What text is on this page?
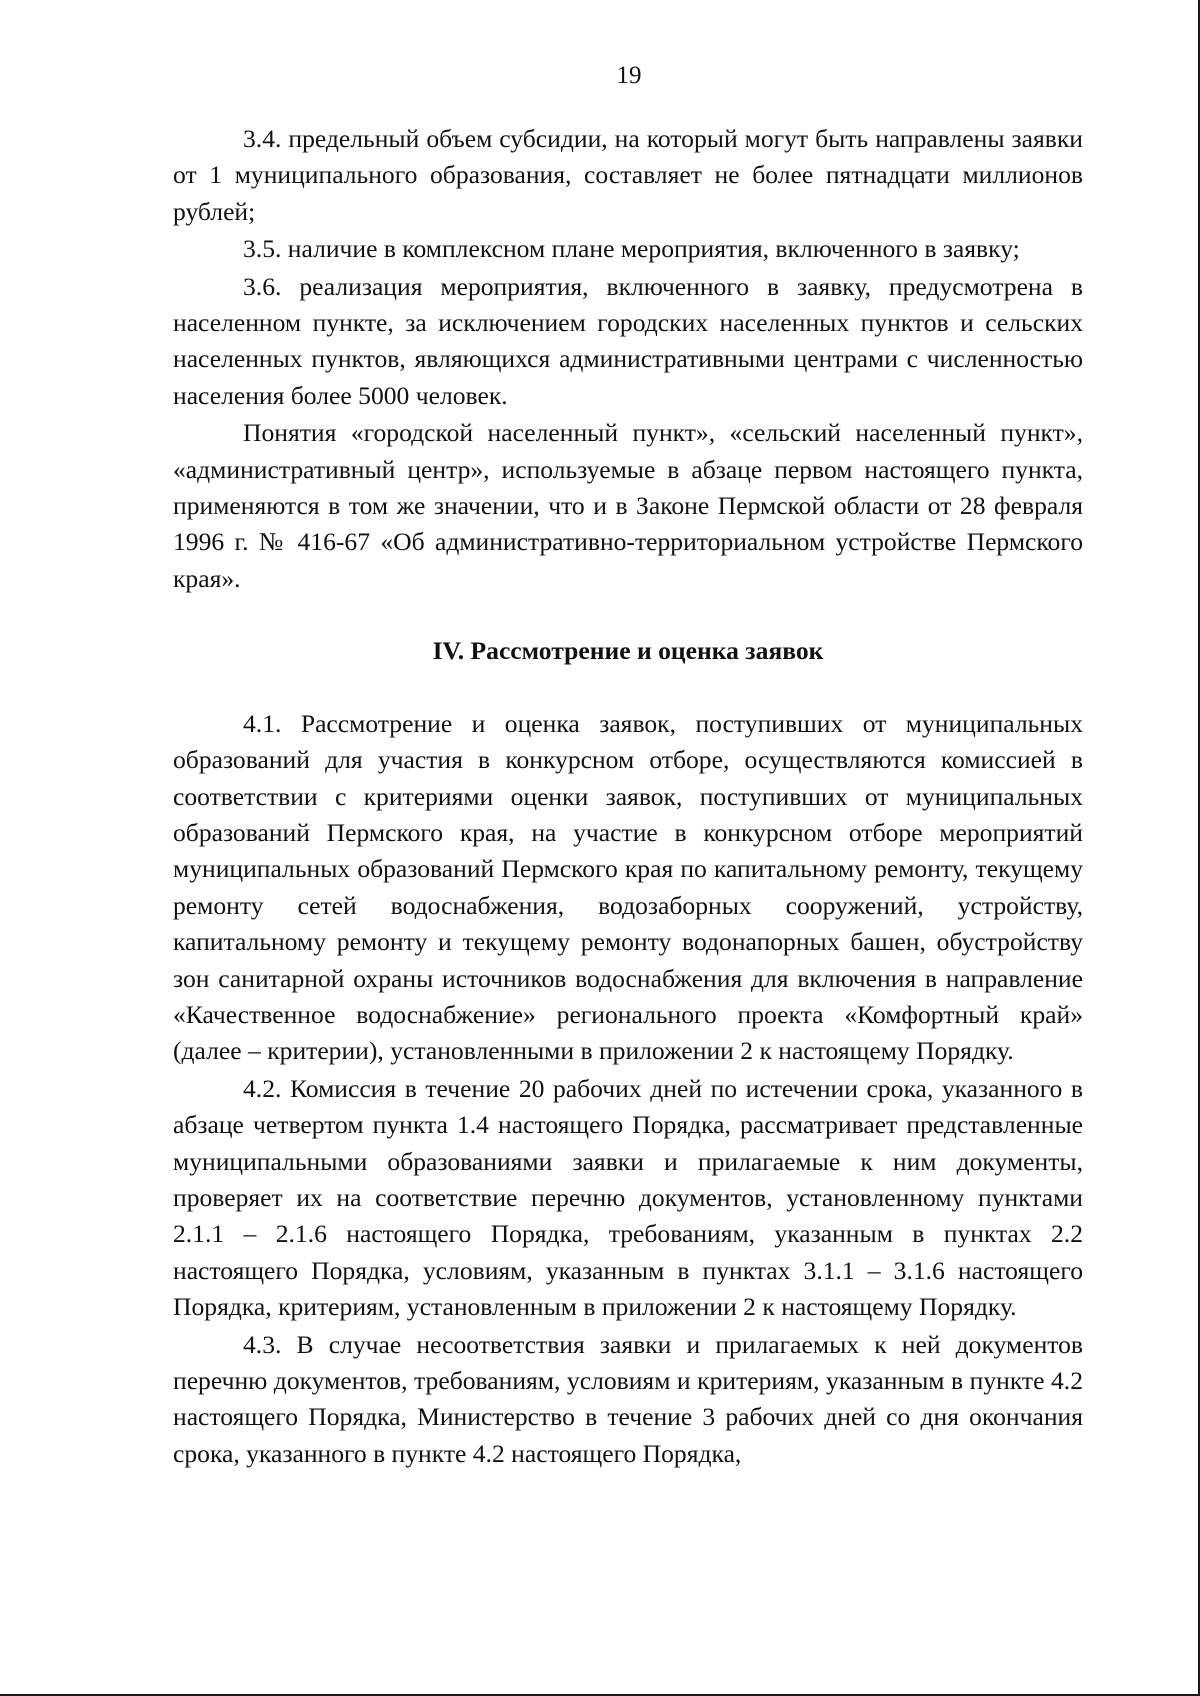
19

3.4. предельный объем субсидии, на который могут быть направлены заявки от 1 муниципального образования, составляет не более пятнадцати миллионов рублей;

3.5. наличие в комплексном плане мероприятия, включенного в заявку;

3.6. реализация мероприятия, включенного в заявку, предусмотрена в населенном пункте, за исключением городских населенных пунктов и сельских населенных пунктов, являющихся административными центрами с численностью населения более 5000 человек.

Понятия «городской населенный пункт», «сельский населенный пункт», «административный центр», используемые в абзаце первом настоящего пункта, применяются в том же значении, что и в Законе Пермской области от 28 февраля 1996 г. № 416-67 «Об административно-территориальном устройстве Пермского края».

IV. Рассмотрение и оценка заявок

4.1. Рассмотрение и оценка заявок, поступивших от муниципальных образований для участия в конкурсном отборе, осуществляются комиссией в соответствии с критериями оценки заявок, поступивших от муниципальных образований Пермского края, на участие в конкурсном отборе мероприятий муниципальных образований Пермского края по капитальному ремонту, текущему ремонту сетей водоснабжения, водозаборных сооружений, устройству, капитальному ремонту и текущему ремонту водонапорных башен, обустройству зон санитарной охраны источников водоснабжения для включения в направление «Качественное водоснабжение» регионального проекта «Комфортный край» (далее – критерии), установленными в приложении 2 к настоящему Порядку.

4.2. Комиссия в течение 20 рабочих дней по истечении срока, указанного в абзаце четвертом пункта 1.4 настоящего Порядка, рассматривает представленные муниципальными образованиями заявки и прилагаемые к ним документы, проверяет их на соответствие перечню документов, установленному пунктами 2.1.1 – 2.1.6 настоящего Порядка, требованиям, указанным в пунктах 2.2 настоящего Порядка, условиям, указанным в пунктах 3.1.1 – 3.1.6 настоящего Порядка, критериям, установленным в приложении 2 к настоящему Порядку.

4.3. В случае несоответствия заявки и прилагаемых к ней документов перечню документов, требованиям, условиям и критериям, указанным в пункте 4.2 настоящего Порядка, Министерство в течение 3 рабочих дней со дня окончания срока, указанного в пункте 4.2 настоящего Порядка,
